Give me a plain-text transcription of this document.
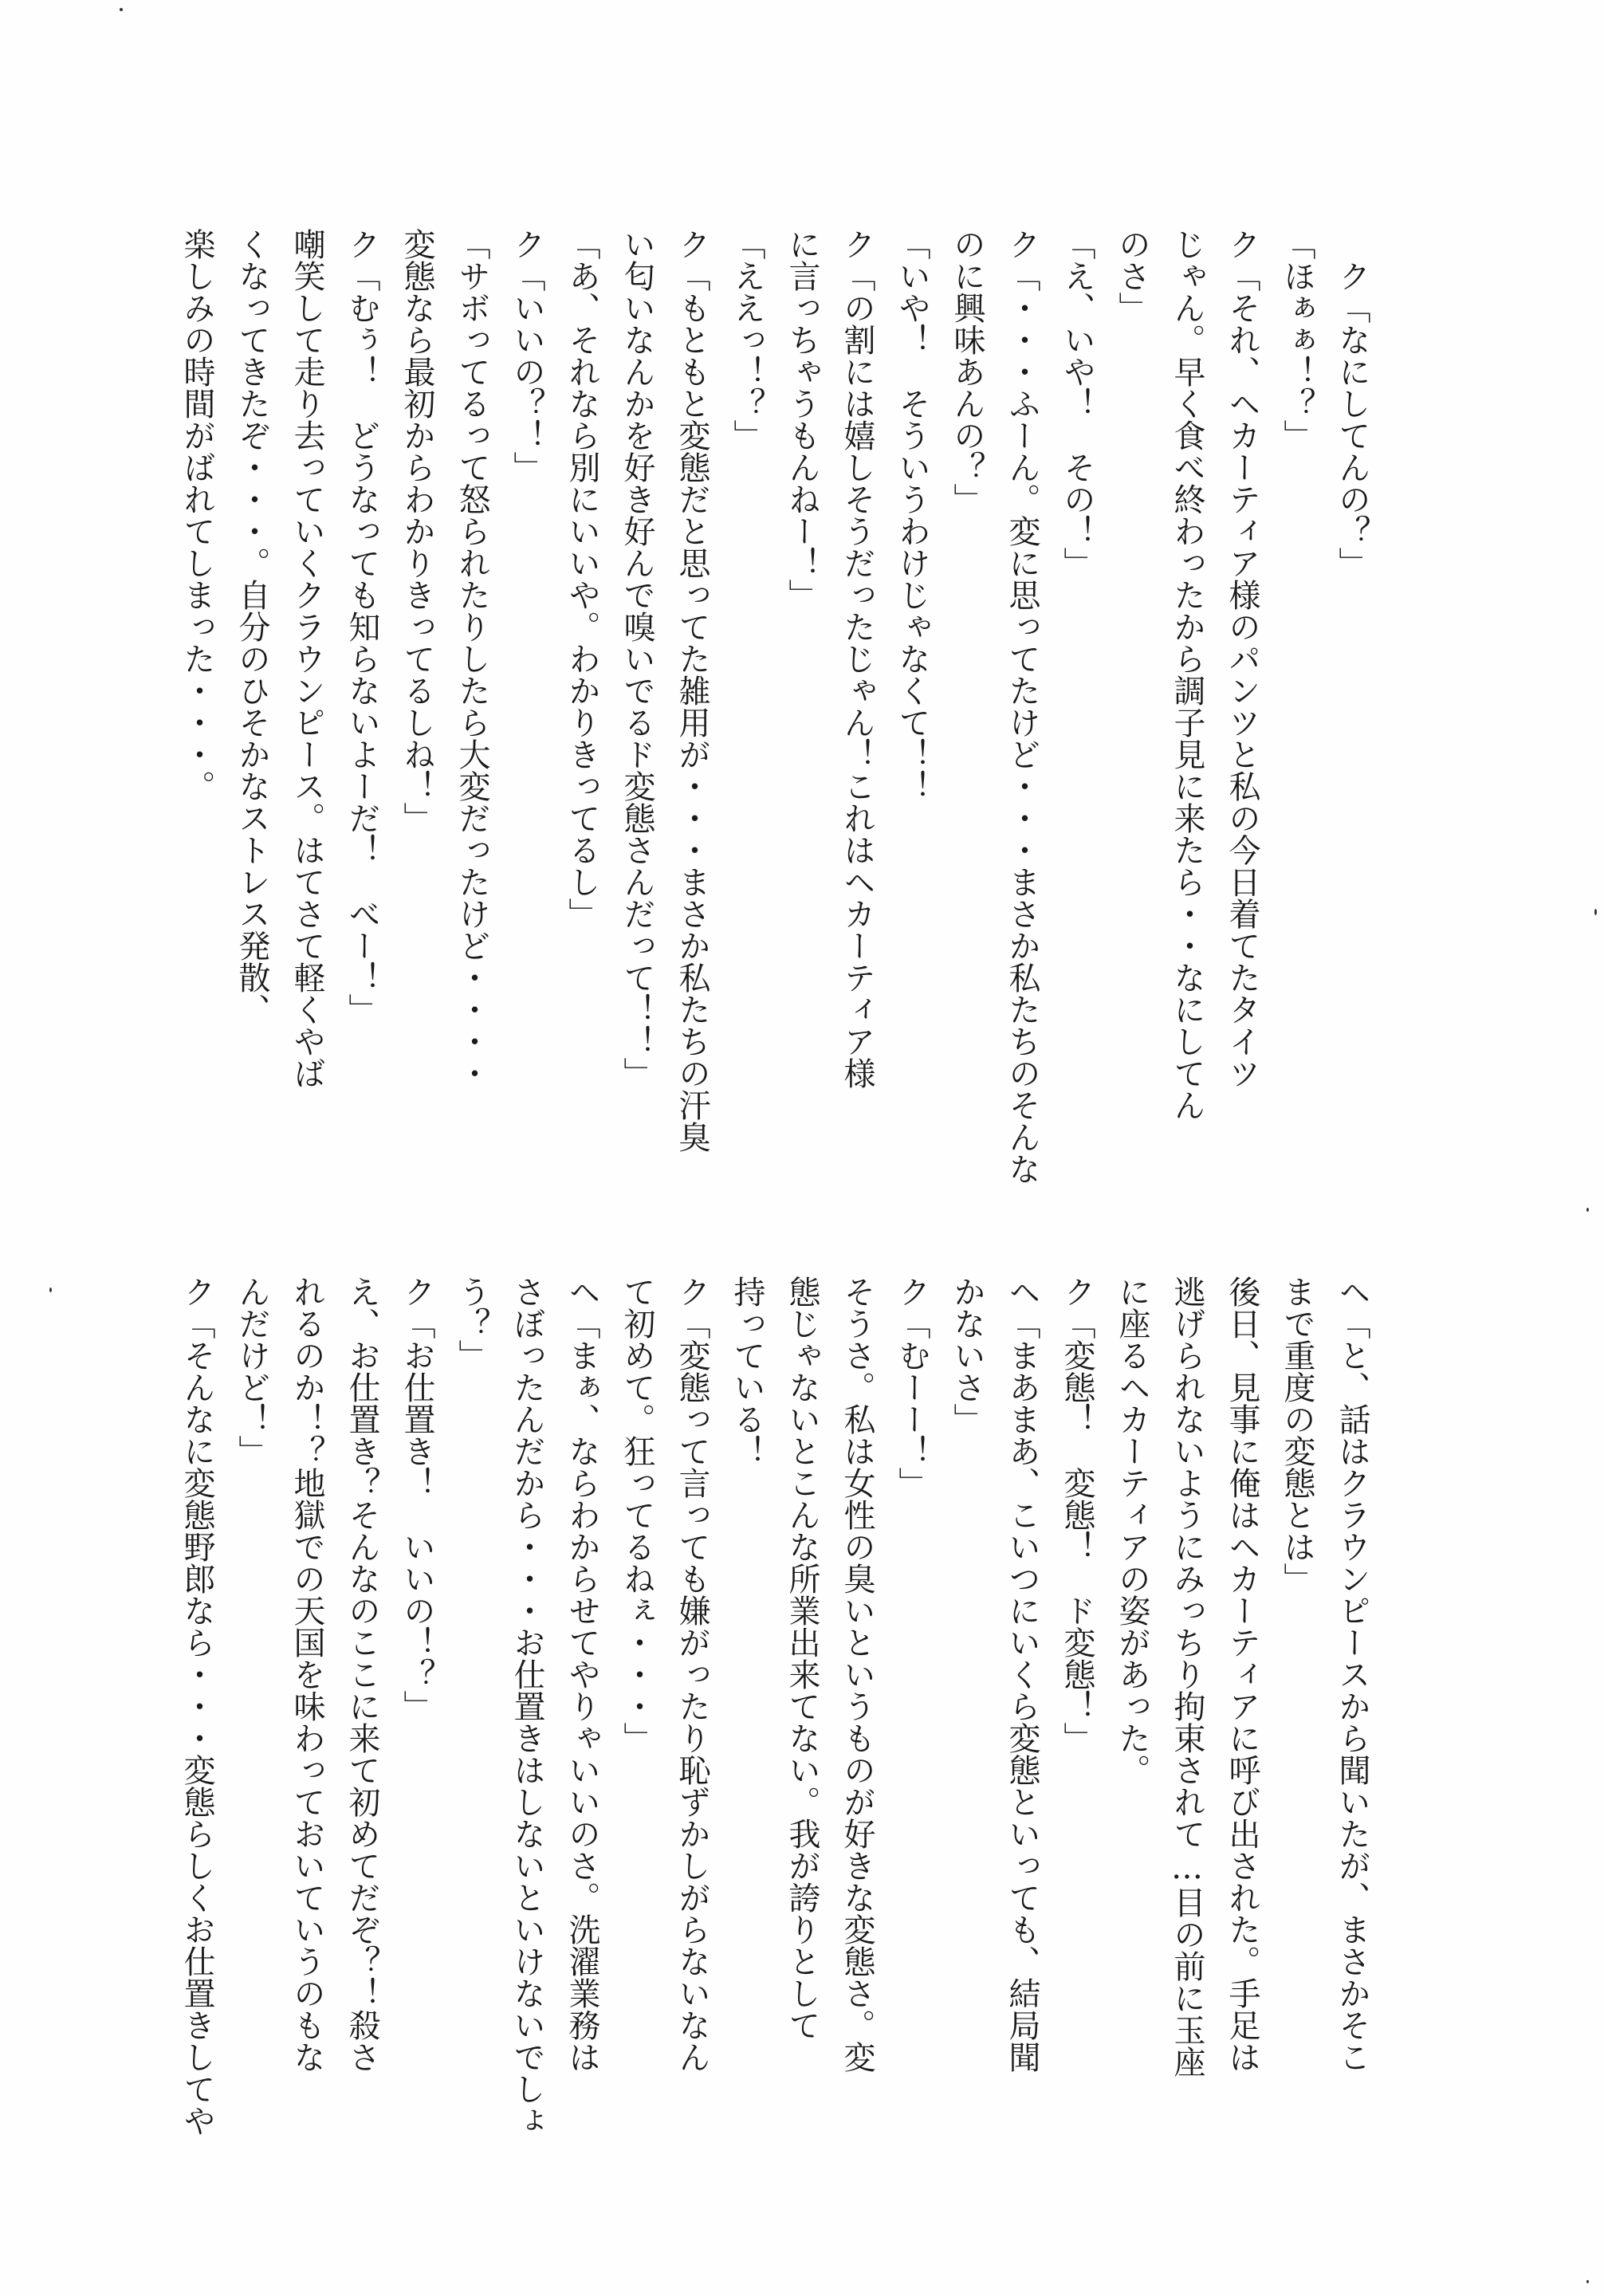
　ク「なにしてんの？」
「ほぁぁ！？」
ク「それ、ヘカーティア様のパンツと私の今日着てたタイツ
じゃん。早く食べ終わったから調子見に来たら・・なにしてん
のさ」
「え、いや！　その！」
ク「・・・ふーん。変に思ってたけど・・・まさか私たちのそんな
のに興味あんの？」
「いや！　そういうわけじゃなくて！！
ク「の割には嬉しそうだったじゃん！これはヘカーティア様
に言っちゃうもんねー！」
「ええっ！？」
ク「もともと変態だと思ってた雑用が・・・まさか私たちの汗臭
い匂いなんかを好き好んで嗅いでるド変態さんだって！！」
「あ、それなら別にいいや。わかりきってるし」
ク「いいの？！」
「サボってるって怒られたりしたら大変だったけど・・・・
変態なら最初からわかりきってるしね！」
ク「むぅ！　どうなっても知らないよーだ！　べー！」
嘲笑して走り去っていくクラウンピース。はてさて軽くやば
くなってきたぞ・・・。自分のひそかなストレス発散、
楽しみの時間がばれてしまった・・・。
ヘ「と、話はクラウンピースから聞いたが、まさかそこ
まで重度の変態とは」
後日、見事に俺はヘカーティアに呼び出された。手足は
逃げられないようにみっちり拘束されて…目の前に玉座
に座るヘカーティアの姿があった。
ク「変態！　変態！　ド変態！」
ヘ「まあまあ、こいつにいくら変態といっても、結局聞
かないさ」
ク「むーー！」
そうさ。私は女性の臭いというものが好きな変態さ。変
態じゃないとこんな所業出来てない。我が誇りとして
持っている！
ク「変態って言っても嫌がったり恥ずかしがらないなん
て初めて。狂ってるねぇ・・・」
ヘ「まぁ、ならわからせてやりゃいいのさ。洗濯業務は
さぼったんだから・・・お仕置きはしないといけないでしょ
う？」
ク「お仕置き！　いいの！？」
え、お仕置き？そんなのここに来て初めてだぞ？！殺さ
れるのか！？地獄での天国を味わっておいていうのもな
んだけど！」
ク「そんなに変態野郎なら・・・変態らしくお仕置きしてや
